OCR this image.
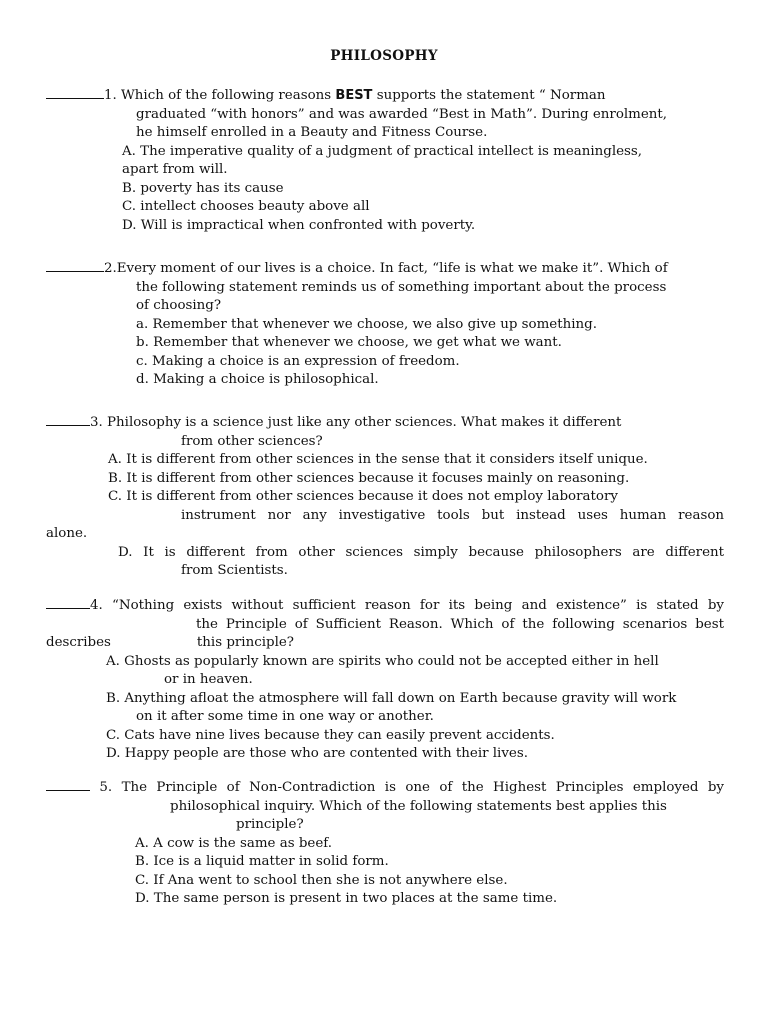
PHILOSOPHY
1. Which of the following reasons BEST supports the statement “ Norman
graduated “with honors” and was awarded “Best in Math”. During enrolment,
he himself enrolled in a Beauty and Fitness Course.
A. The imperative quality of a judgment of practical intellect is meaningless,
apart from will.
B. poverty has its cause
C. intellect chooses beauty above all
D. Will is impractical when confronted with poverty.
2.Every moment of our lives is a choice. In fact, “life is what we make it”. Which of
the following statement reminds us of something important about the process
of choosing?
a. Remember that whenever we choose, we also give up something.
b. Remember that whenever we choose, we get what we want.
c. Making a choice is an expression of freedom.
d. Making a choice is philosophical.
3. Philosophy is a science just like any other sciences. What makes it different
from other sciences?
A. It is different from other sciences in the sense that it considers itself unique.
B. It is different from other sciences because it focuses mainly on reasoning.
C. It is different from other sciences because it does not employ laboratory
instrument nor any investigative tools but instead uses human reason
alone.
D. It is different from other sciences simply because philosophers are different
from Scientists.
4. “Nothing exists without sufficient reason for its being and existence” is stated by
the Principle of Sufficient Reason. Which of the following scenarios best
describes	this principle?
A. Ghosts as popularly known are spirits who could not be accepted either in hell
or in heaven.
B. Anything afloat the atmosphere will fall down on Earth because gravity will work
on it after some time in one way or another.
C. Cats have nine lives because they can easily prevent accidents.
D. Happy people are those who are contented with their lives.
5. The Principle of Non-Contradiction is one of the Highest Principles employed by
philosophical inquiry. Which of the following statements best applies this
principle?
A. A cow is the same as beef.
B. Ice is a liquid matter in solid form.
C. If Ana went to school then she is not anywhere else.
D. The same person is present in two places at the same time.
